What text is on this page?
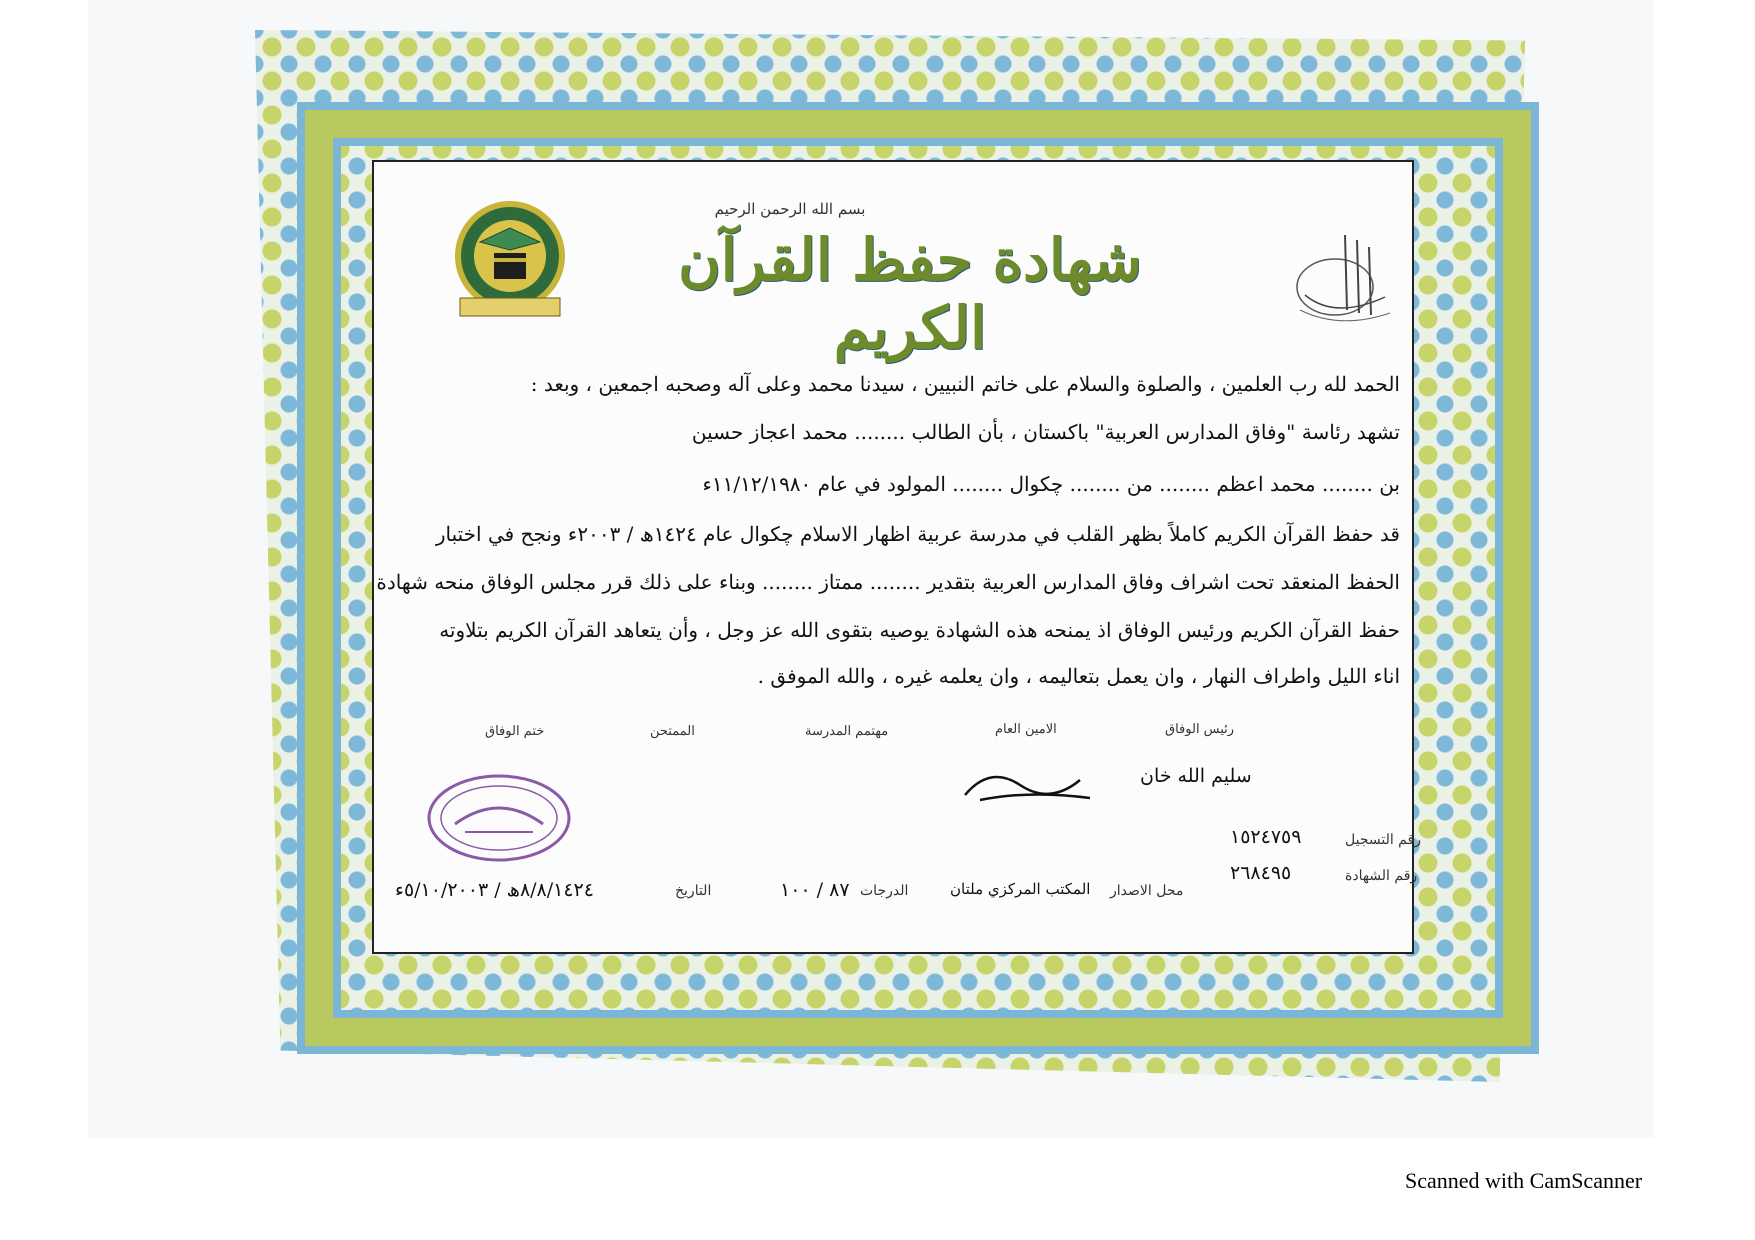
بسم الله الرحمن الرحيم
شهادة حفظ القرآن الكريم
الحمد لله رب العلمين ، والصلوة والسلام على خاتم النبيين ، سيدنا محمد وعلى آله وصحبه اجمعين ، وبعد :
تشهد رئاسة "وفاق المدارس العربية" باكستان ، بأن الطالب ........ محمد اعجاز حسين
بن ........ محمد اعظم ........ من ........ چکوال ........ المولود في عام ١١/١٢/١٩٨٠ء
قد حفظ القرآن الكريم كاملاً بظهر القلب في مدرسة عربية اظهار الاسلام چکوال عام ١٤٢٤ھ / ٢٠٠٣ء ونجح في اختبار
الحفظ المنعقد تحت اشراف وفاق المدارس العربية بتقدير ........ ممتاز ........ وبناء على ذلك قرر مجلس الوفاق منحه شهادة
حفظ القرآن الكريم ورئيس الوفاق اذ يمنحه هذه الشهادة يوصيه بتقوى الله عز وجل ، وأن يتعاهد القرآن الكريم بتلاوته
اناء الليل واطراف النهار ، وان يعمل بتعاليمه ، وان يعلمه غيره ، والله الموفق .
رئيس الوفاق
سليم الله خان
الامين العام
مهتمم المدرسة
الممتحن
ختم الوفاق
رقم التسجيل
١٥٢٤٧٥٩
رقم الشهادة
٢٦٨٤٩٥
محل الاصدار
المكتب المركزي ملتان
الدرجات
٨٧ / ١٠٠
التاريخ
٨/٨/١٤٢٤ھ / ٥/١٠/٢٠٠٣ء
Scanned with CamScanner
